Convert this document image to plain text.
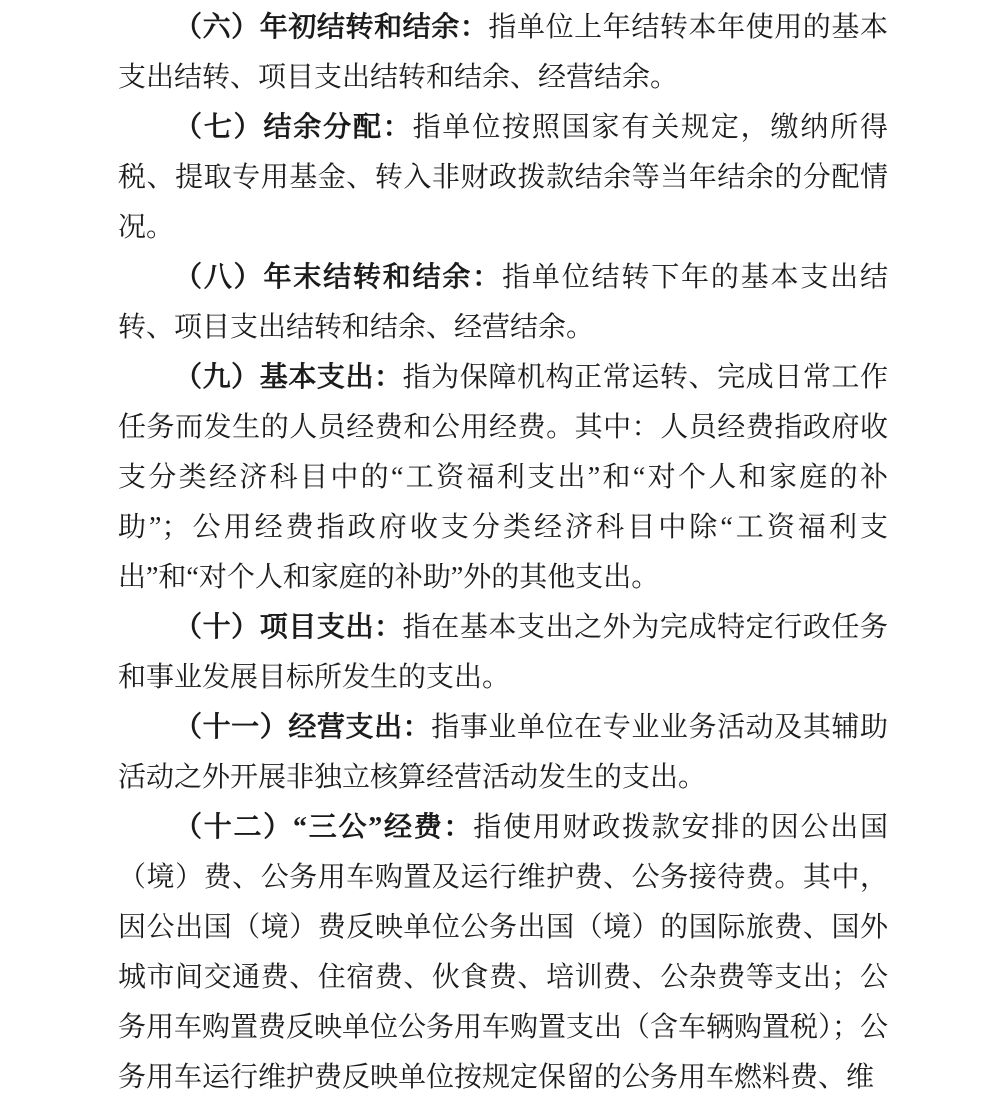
（六）年初结转和结余：指单位上年结转本年使用的基本支出结转、项目支出结转和结余、经营结余。

（七）结余分配：指单位按照国家有关规定，缴纳所得税、提取专用基金、转入非财政拨款结余等当年结余的分配情况。

（八）年末结转和结余：指单位结转下年的基本支出结转、项目支出结转和结余、经营结余。

（九）基本支出：指为保障机构正常运转、完成日常工作任务而发生的人员经费和公用经费。其中：人员经费指政府收支分类经济科目中的“工资福利支出”和“对个人和家庭的补助”；公用经费指政府收支分类经济科目中除“工资福利支出”和“对个人和家庭的补助”外的其他支出。

（十）项目支出：指在基本支出之外为完成特定行政任务和事业发展目标所发生的支出。

（十一）经营支出：指事业单位在专业业务活动及其辅助活动之外开展非独立核算经营活动发生的支出。

（十二）“三公”经费：指使用财政拨款安排的因公出国（境）费、公务用车购置及运行维护费、公务接待费。其中，因公出国（境）费反映单位公务出国（境）的国际旅费、国外城市间交通费、住宿费、伙食费、培训费、公杂费等支出；公务用车购置费反映单位公务用车购置支出（含车辆购置税）；公务用车运行维护费反映单位按规定保留的公务用车燃料费、维
